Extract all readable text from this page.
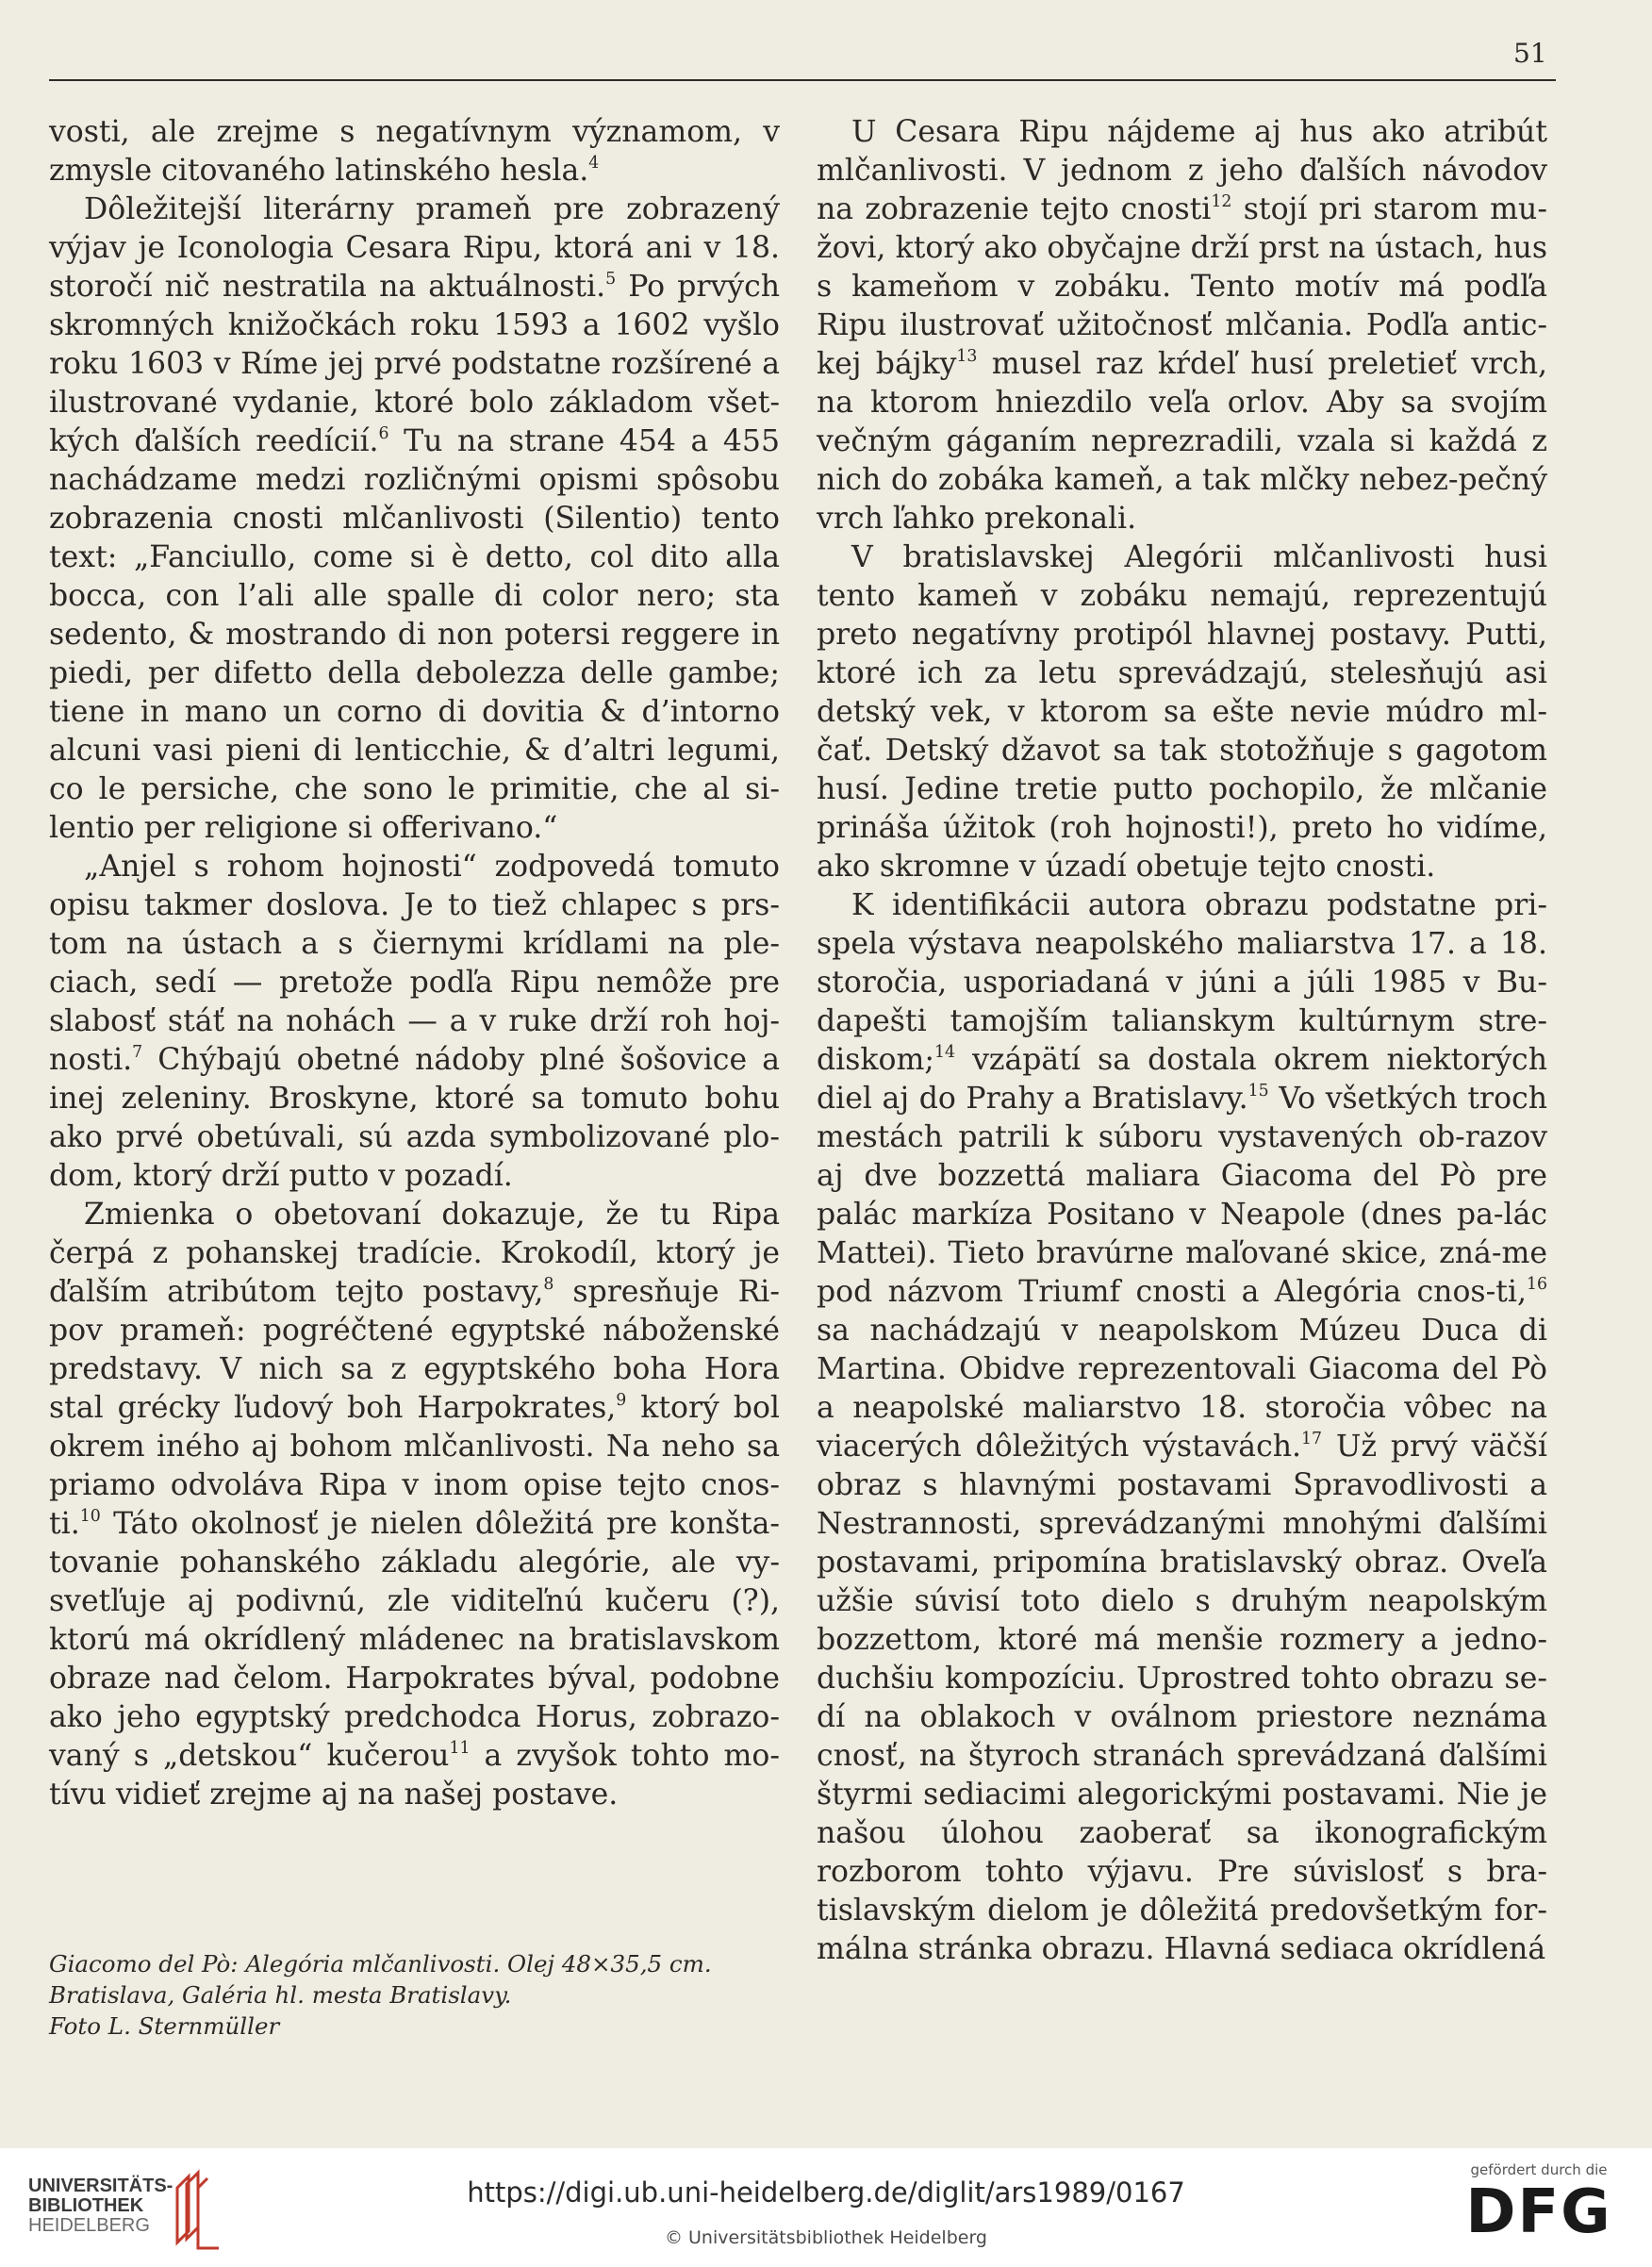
51

vosti, ale zrejme s negatívnym významom, v zmysle citovaného latinského hesla.$^4$

Dôležitejší literárny prameň pre zobrazený výjav je Iconologia Cesara Ripu, ktorá ani v 18. storočí nič nestratila na aktuálnosti.$^5$ Po prvých skromných knižočkách roku 1593 a 1602 vyšlo roku 1603 v Ríme jej prvé podstatne rozšírené a ilustrované vydanie, ktoré bolo základom všet-kých ďalších reedícií.$^6$ Tu na strane 454 a 455 nachádzame medzi rozličnými opismi spôsobu zobrazenia cnosti mlčanlivosti (Silentio) tento text: „Fanciullo, come si è detto, col dito alla bocca, con l’ali alle spalle di color nero; sta sedento, & mostrando di non potersi reggere in piedi, per difetto della debolezza delle gambe; tiene in mano un corno di dovitia & d’intorno alcuni vasi pieni di lenticchie, & d’altri legumi, co le persiche, che sono le primitie, che al si-lentio per religione si offerivano.“

„Anjel s rohom hojnosti“ zodpovedá tomuto opisu takmer doslova. Je to tiež chlapec s prs-tom na ústach a s čiernymi krídlami na ple-ciach, sedí — pretože podľa Ripu nemôže pre slabosť stáť na nohách — a v ruke drží roh hoj-nosti.$^7$ Chýbajú obetné nádoby plné šošovice a inej zeleniny. Broskyne, ktoré sa tomuto bohu ako prvé obetúvali, sú azda symbolizované plo-dom, ktorý drží putto v pozadí.

Zmienka o obetovaní dokazuje, že tu Ripa čerpá z pohanskej tradície. Krokodíl, ktorý je ďalším atribútom tejto postavy,$^8$ spresňuje Ri-pov prameň: pogréčtené egyptské náboženské predstavy. V nich sa z egyptského boha Hora stal grécky ľudový boh Harpokrates,$^9$ ktorý bol okrem iného aj bohom mlčanlivosti. Na neho sa priamo odvoláva Ripa v inom opise tejto cnos-ti.$^{10}$ Táto okolnosť je nielen dôležitá pre konšta-tovanie pohanského základu alegórie, ale vy-svetľuje aj podivnú, zle viditeľnú kučeru (?), ktorú má okrídlený mládenec na bratislavskom obraze nad čelom. Harpokrates býval, podobne ako jeho egyptský predchodca Horus, zobrazo-vaný s „detskou“ kučerou$^{11}$ a zvyšok tohto mo-tívu vidieť zrejme aj na našej postave.

U Cesara Ripu nájdeme aj hus ako atribút mlčanlivosti. V jednom z jeho ďalších návodov na zobrazenie tejto cnosti$^{12}$ stojí pri starom mu-žovi, ktorý ako obyčajne drží prst na ústach, hus s kameňom v zobáku. Tento motív má podľa Ripu ilustrovať užitočnosť mlčania. Podľa antic-kej bájky$^{13}$ musel raz kŕdeľ husí preletieť vrch, na ktorom hniezdilo veľa orlov. Aby sa svojím večným gáganím neprezradili, vzala si každá z nich do zobáka kameň, a tak mlčky nebez-pečný vrch ľahko prekonali.

V bratislavskej Alegórii mlčanlivosti husi tento kameň v zobáku nemajú, reprezentujú preto negatívny protipól hlavnej postavy. Putti, ktoré ich za letu sprevádzajú, stelesňujú asi detský vek, v ktorom sa ešte nevie múdro ml-čať. Detský džavot sa tak stotožňuje s gagotom husí. Jedine tretie putto pochopilo, že mlčanie prináša úžitok (roh hojnosti!), preto ho vidíme, ako skromne v úzadí obetuje tejto cnosti.

K identifikácii autora obrazu podstatne pri-spela výstava neapolského maliarstva 17. a 18. storočia, usporiadaná v júni a júli 1985 v Bu-dapešti tamojším talianskym kultúrnym stre-diskom;$^{14}$ vzápätí sa dostala okrem niektorých diel aj do Prahy a Bratislavy.$^{15}$ Vo všetkých troch mestách patrili k súboru vystavených ob-razov aj dve bozzettá maliara Giacoma del Pò pre palác markíza Positano v Neapole (dnes pa-lác Mattei). Tieto bravúrne maľované skice, zná-me pod názvom Triumf cnosti a Alegória cnos-ti,$^{16}$ sa nachádzajú v neapolskom Múzeu Duca di Martina. Obidve reprezentovali Giacoma del Pò a neapolské maliarstvo 18. storočia vôbec na viacerých dôležitých výstavách.$^{17}$ Už prvý väčší obraz s hlavnými postavami Spravodlivosti a Nestrannosti, sprevádzanými mnohými ďalšími postavami, pripomína bratislavský obraz. Oveľa užšie súvisí toto dielo s druhým neapolským bozzettom, ktoré má menšie rozmery a jedno-duchšiu kompozíciu. Uprostred tohto obrazu se-dí na oblakoch v oválnom priestore neznáma cnosť, na štyroch stranách sprevádzaná ďalšími štyrmi sediacimi alegorickými postavami. Nie je našou úlohou zaoberať sa ikonografickým rozborom tohto výjavu. Pre súvislosť s bra-tislavským dielom je dôležitá predovšetkým for-málna stránka obrazu. Hlavná sediaca okrídlená

Giacomo del Pò: Alegória mlčanlivosti. Olej 48×35,5 cm.
Bratislava, Galéria hl. mesta Bratislavy.
Foto L. Sternmüller
UNIVERSITÄTS-
BIBLIOTHEK
HEIDELBERG
https://digi.ub.uni-heidelberg.de/diglit/ars1989/0167
© Universitätsbibliothek Heidelberg
gefördert durch die
DFG
